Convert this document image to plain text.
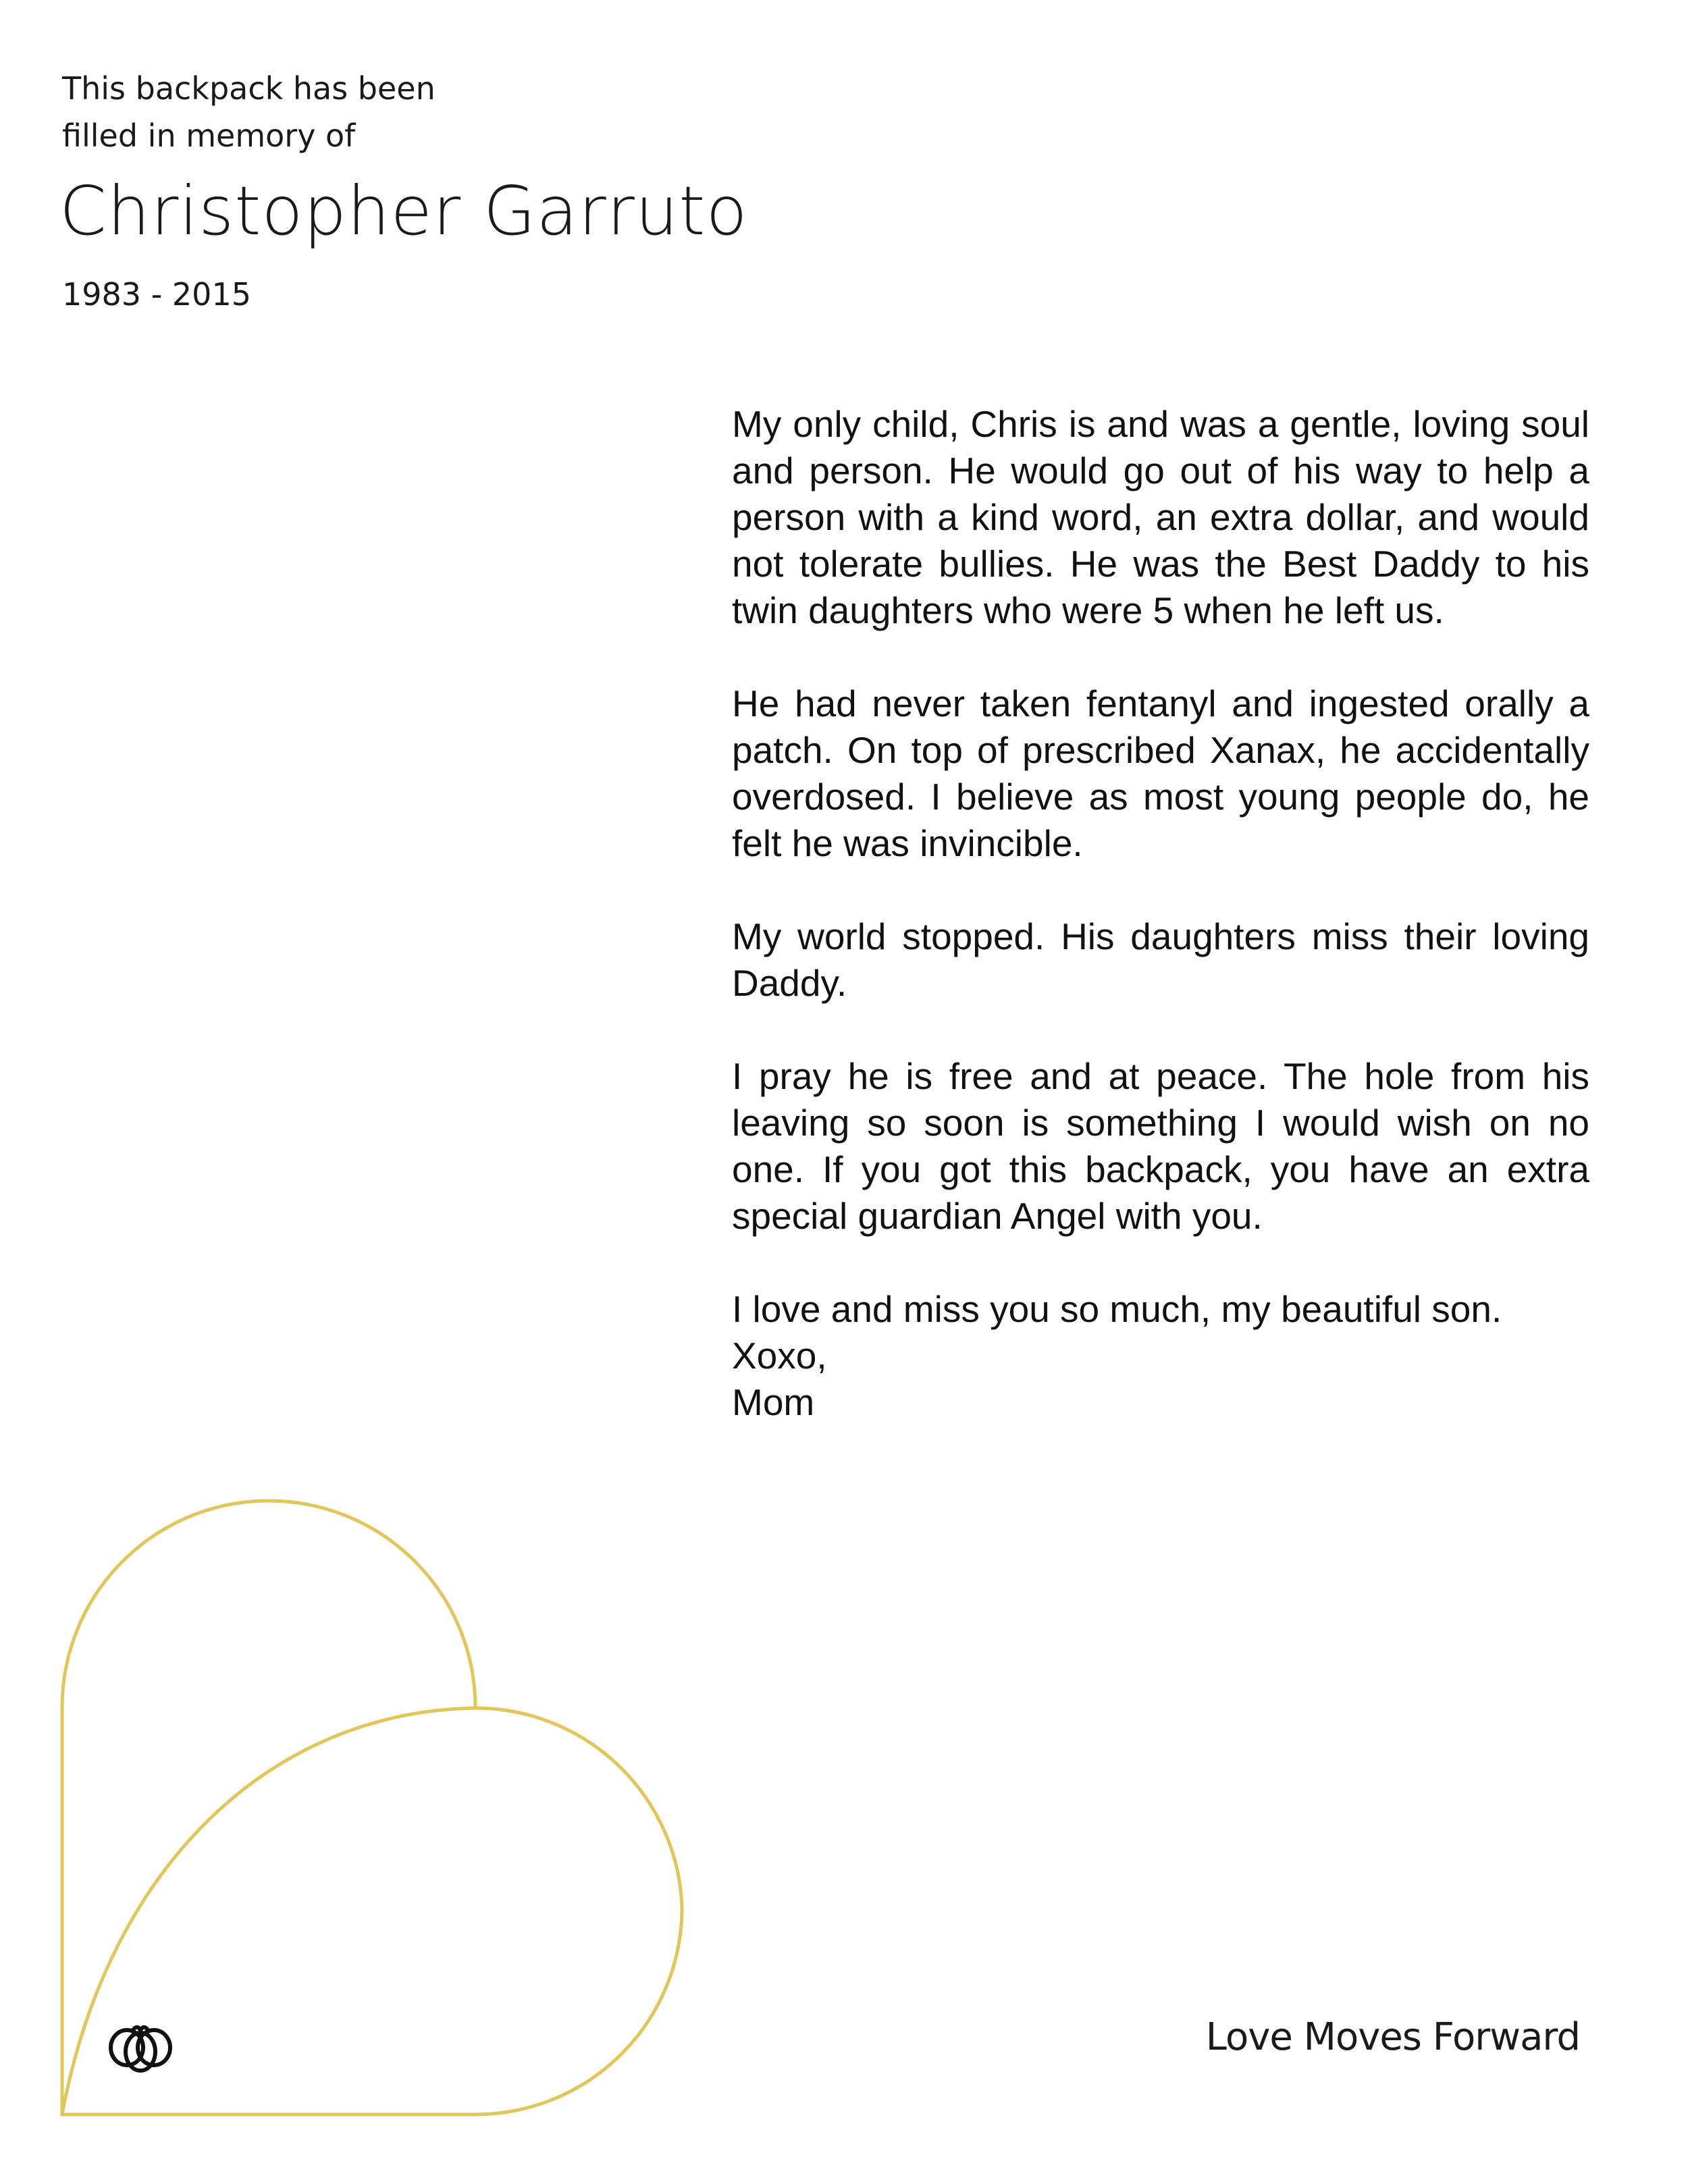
This backpack has been
filled in memory of
Christopher Garruto
1983 - 2015

My only child, Chris is and was a gentle, loving soul and person. He would go out of his way to help a person with a kind word, an extra dollar, and would not tolerate bullies. He was the Best Daddy to his twin daughters who were 5 when he left us.

He had never taken fentanyl and ingested orally a patch. On top of prescribed Xanax, he accidentally overdosed. I believe as most young people do, he felt he was invincible.

My world stopped. His daughters miss their loving Daddy.

I pray he is free and at peace. The hole from his leaving so soon is something I would wish on no one. If you got this backpack, you have an extra special guardian Angel with you.

I love and miss you so much, my beautiful son.
Xoxo,
Mom

Love Moves Forward
